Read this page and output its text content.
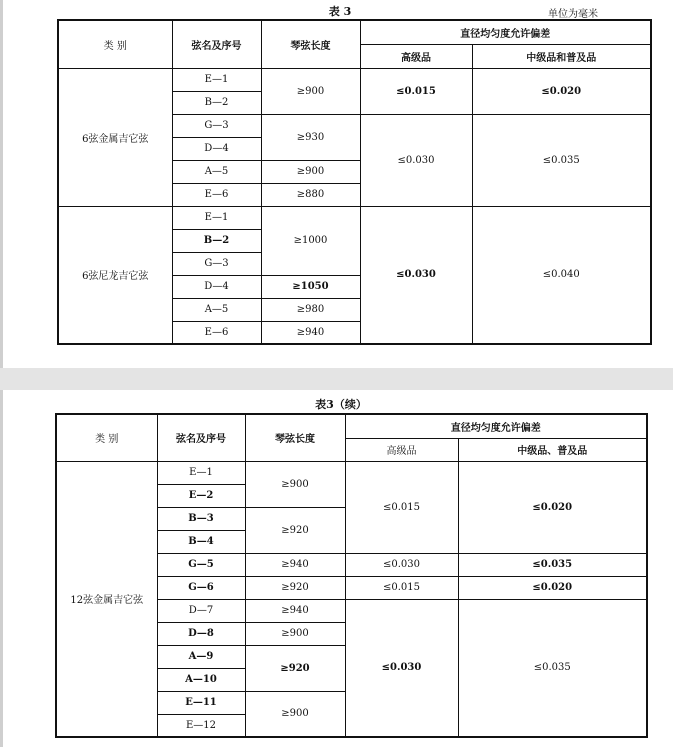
表 3	单位为毫米
类 别	弦名及序号	琴弦长度	直径均匀度允许偏差	
			高级品	中级品和普及品
6弦金属吉它弦	E—1	≥900	≤0.015	≤0.020
	B—2			
	G—3	≥930	≤0.030	≤0.035
	D—4			
	A—5	≥900		
	E—6	≥880		
6弦尼龙吉它弦	E—1	≥1000	≤0.030	≤0.040
	B—2			
	G—3			
	D—4	≥1050		
	A—5	≥980		
	E—6	≥940		
表3（续）
类 别	弦名及序号	琴弦长度	直径均匀度允许偏差	
			高级品	中级品、普及品
12弦金属吉它弦	E—1	≥900	≤0.015	≤0.020
	E—2			
	B—3	≥920		
	B—4			
	G—5	≥940	≤0.030	≤0.035
	G—6	≥920	≤0.015	≤0.020
	D—7	≥940	≤0.030	≤0.035
	D—8	≥900		
	A—9	≥920		
	A—10			
	E—11	≥900		
	E—12			
